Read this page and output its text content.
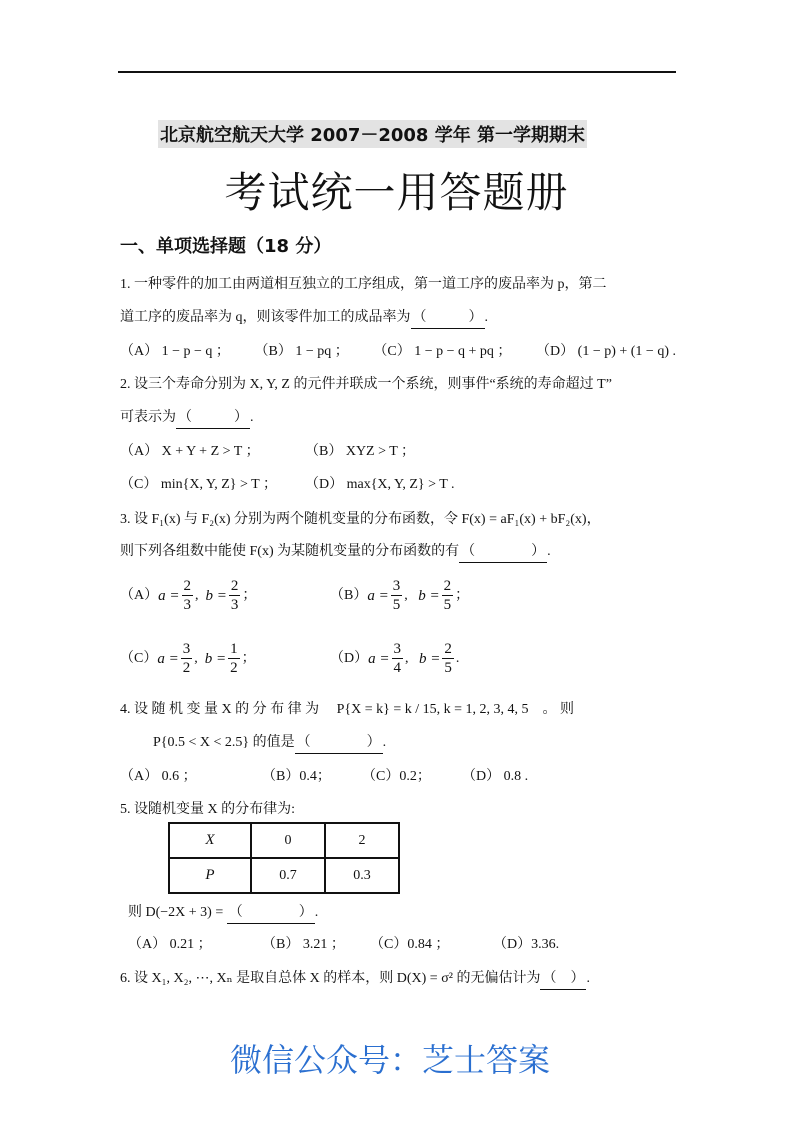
北京航空航天大学 2007－2008 学年 第一学期期末
考试统一用答题册
一、单项选择题（18 分）
1. 一种零件的加工由两道相互独立的工序组成，第一道工序的废品率为 p，第二
道工序的废品率为 q，则该零件加工的成品率为 （　　　） .
（A） 1 − p − q ； （B） 1 − pq ； （C） 1 − p − q + pq ； （D） (1 − p) + (1 − q) .
2. 设三个寿命分别为 X, Y, Z 的元件并联成一个系统，则事件“系统的寿命超过 T”
可表示为 （　　　） .
（A） X + Y + Z > T ；	（B） XYZ > T ；
（C） min{X, Y, Z} > T ；	（D） max{X, Y, Z} > T .
3. 设 F₁(x) 与 F₂(x) 分别为两个随机变量的分布函数，令 F(x) = aF₁(x) + bF₂(x)，
则下列各组数中能使 F(x) 为某随机变量的分布函数的有 （　　　　） .
（A） $a = \frac{2}{3}$ , $b = \frac{2}{3}$ ；	（B） $a = \frac{3}{5}$ , $b = \frac{2}{5}$ ；
（C） $a = \frac{3}{2}$ , $b = \frac{1}{2}$ ；	（D） $a = \frac{3}{4}$ , $b = \frac{2}{5}$ .
4. 设 随 机 变 量 X 的 分 布 律 为　 P{X = k} = k / 15, k = 1, 2, 3, 4, 5　。 则
P{0.5 < X < 2.5} 的值是 （　　　　） .
（A） 0.6 ；	（B）0.4；	（C）0.2；	（D） 0.8 .
5. 设随机变量 X 的分布律为:
X	0	2
P	0.7	0.3
则 D(−2X + 3) = （　　　　） .
（A） 0.21 ；	（B） 3.21 ；	（C）0.84 ；	（D）3.36.
6. 设 X₁, X₂, ⋯, Xₙ 是取自总体 X 的样本，则 D(X) = σ² 的无偏估计为 （　） .
微信公众号：芝士答案
